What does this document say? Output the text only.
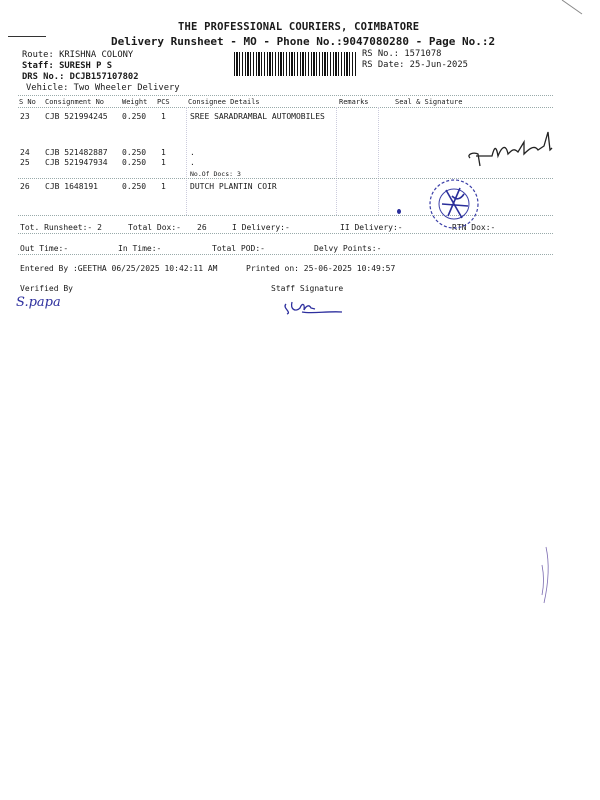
THE PROFESSIONAL COURIERS, COIMBATORE
Delivery Runsheet - MO - Phone No.:9047080280 - Page No.:2
Route: KRISHNA COLONY
Staff: SURESH P S
DRS No.: DCJB157107802
Vehicle: Two Wheeler Delivery
RS No.: 1571078
RS Date: 25-Jun-2025
S No Consignment No	Weight PCS	Consignee Details	Remarks	Seal & Signature
23 CJB 521994245 0.250 1	SREE SARADRAMBAL AUTOMOBILES
24 CJB 521482887 0.250 1	.
25 CJB 521947934 0.250 1	.
No.Of Docs: 3
26 CJB 1648191	0.250 1	DUTCH PLANTIN COIR
Tot. Runsheet:- 2	Total Dox:- 26	I Delivery:-	II Delivery:-	RTN Dox:-
Out Time:-	In Time:-	Total POD:-	Delvy Points:-
Entered By :GEETHA 06/25/2025 10:42:11 AM	Printed on: 25-06-2025 10:49:57
Verified By	Staff Signature
S.papa
